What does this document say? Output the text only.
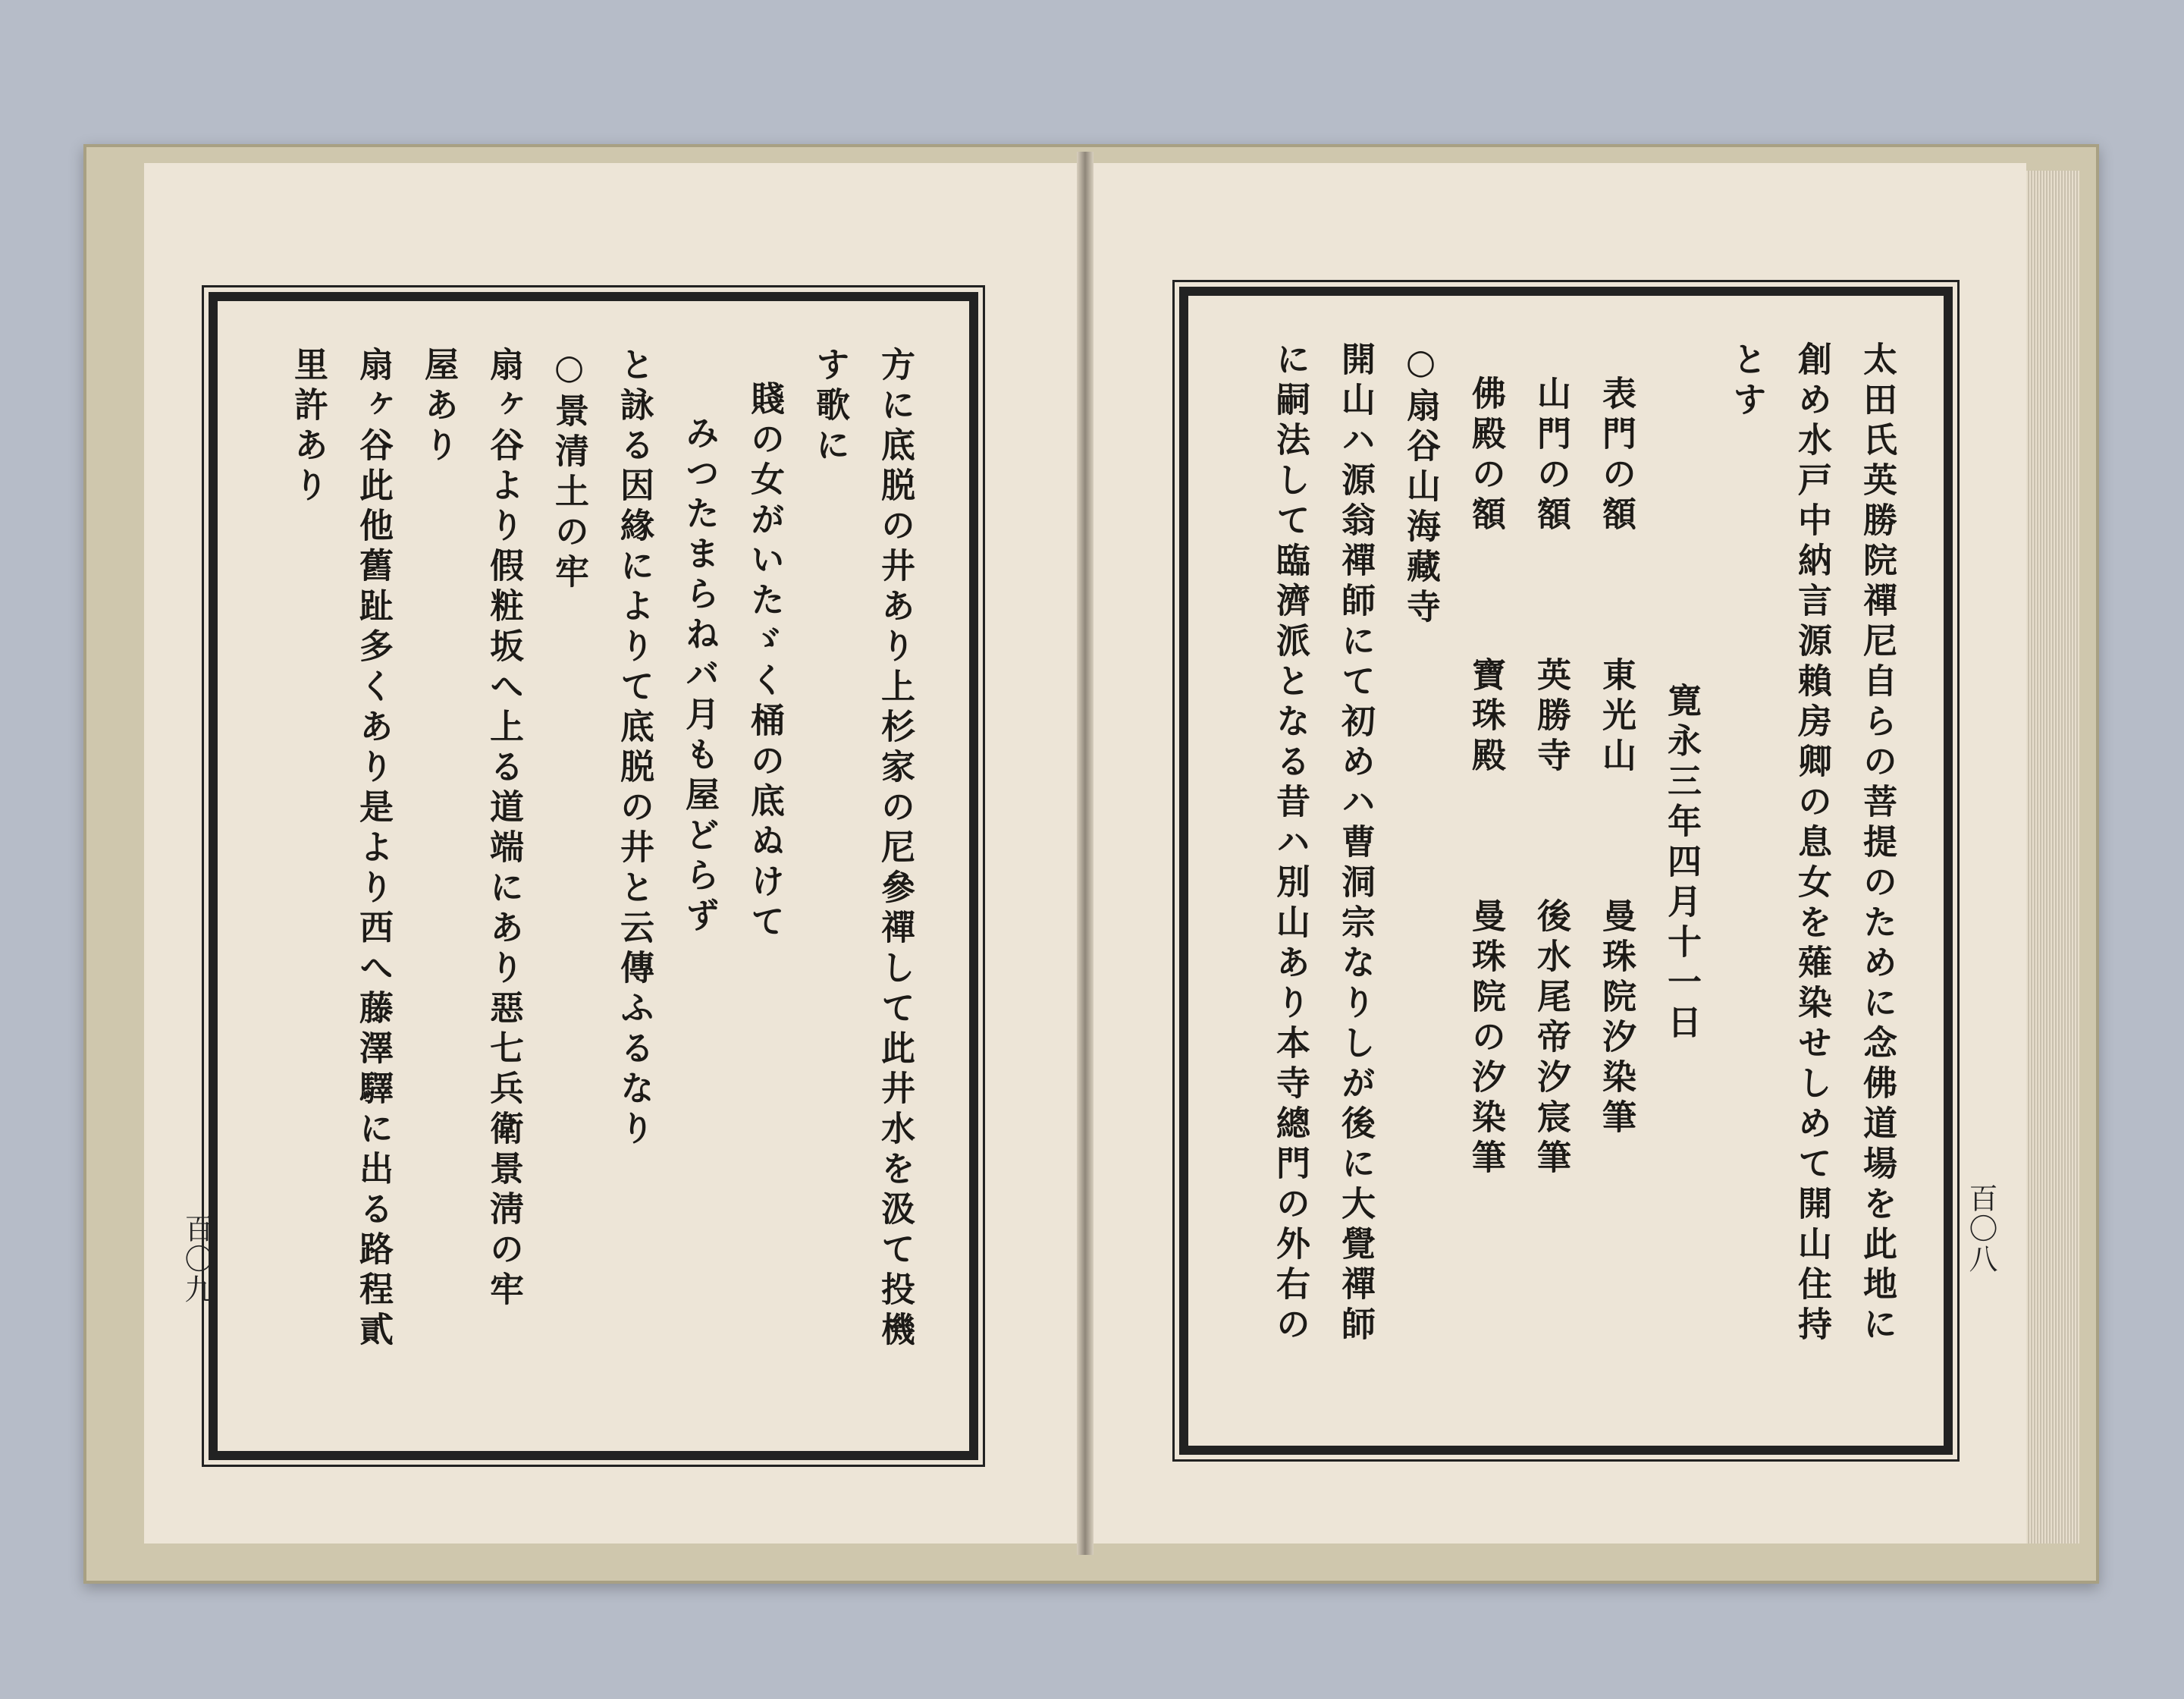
方に底脱の井あり上杉家の尼參禪して此井水を汲て投機
す歌に
賤の女がいたゞく桶の底ぬけて
みつたまらねバ月も屋どらず
と詠る因緣によりて底脱の井と云傳ふるなり
○景清土の牢
扇ヶ谷より假粧坂へ上る道端にあり惡七兵衛景淸の牢
屋あり
扇ヶ谷此他舊趾多くあり是より西へ藤澤驛に出る路程貳
里許あり	太田氏英勝院禪尼自らの菩提のために念佛道場を此地に
創め水戸中納言源賴房卿の息女を薙染せしめて開山住持
とす
寛永三年四月十一日
表門の額　　　東光山　　　曼珠院汐染筆
山門の額　　　英勝寺　　　後水尾帝汐宸筆
佛殿の額　　　寶珠殿　　　曼珠院の汐染筆
○扇谷山海藏寺
開山ハ源翁禪師にて初めハ曹洞宗なりしが後に大覺禪師
に嗣法して臨濟派となる昔ハ別山あり本寺總門の外右の
百〇九	百〇八
